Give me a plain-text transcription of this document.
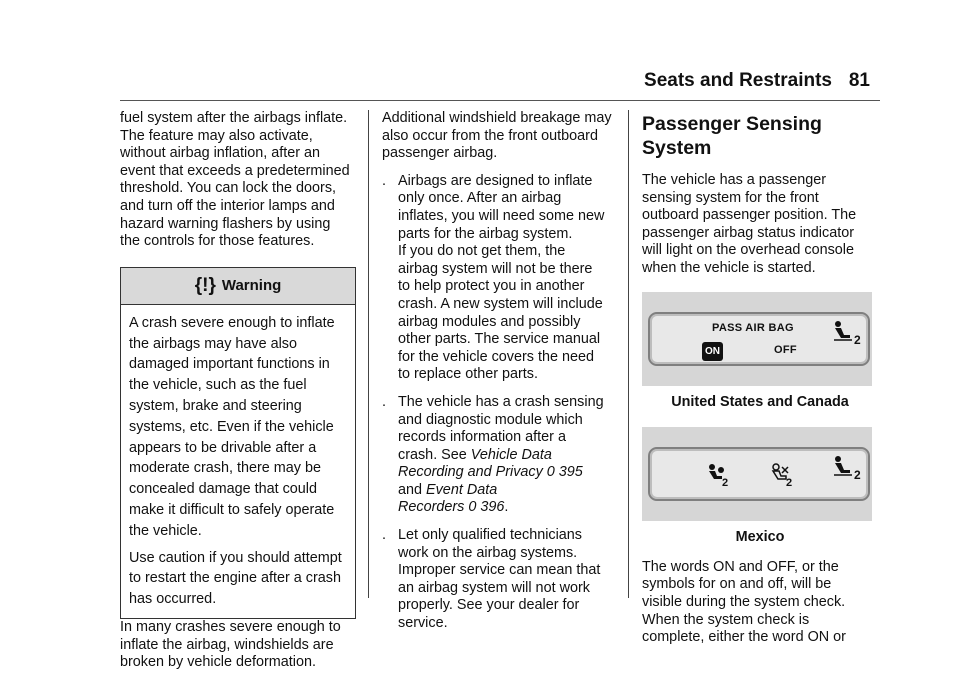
Seats and Restraints 81

fuel system after the airbags inflate.
The feature may also activate,
without airbag inflation, after an
event that exceeds a predetermined
threshold. You can lock the doors,
and turn off the interior lamps and
hazard warning flashers by using
the controls for those features.

{!} Warning

A crash severe enough to inflate
the airbags may have also
damaged important functions in
the vehicle, such as the fuel
system, brake and steering
systems, etc. Even if the vehicle
appears to be drivable after a
moderate crash, there may be
concealed damage that could
make it difficult to safely operate
the vehicle.

Use caution if you should attempt
to restart the engine after a crash
has occurred.

In many crashes severe enough to
inflate the airbag, windshields are
broken by vehicle deformation.

Additional windshield breakage may
also occur from the front outboard
passenger airbag.

. Airbags are designed to inflate
only once. After an airbag
inflates, you will need some new
parts for the airbag system.
If you do not get them, the
airbag system will not be there
to help protect you in another
crash. A new system will include
airbag modules and possibly
other parts. The service manual
for the vehicle covers the need
to replace other parts.

. The vehicle has a crash sensing
and diagnostic module which
records information after a
crash. See Vehicle Data
Recording and Privacy 0 395
and Event Data
Recorders 0 396.

. Let only qualified technicians
work on the airbag systems.
Improper service can mean that
an airbag system will not work
properly. See your dealer for
service.

Passenger Sensing
System

The vehicle has a passenger
sensing system for the front
outboard passenger position. The
passenger airbag status indicator
will light on the overhead console
when the vehicle is started.

PASS AIR BAG
ON	OFF
2
United States and Canada
2	2
2
Mexico

The words ON and OFF, or the
symbols for on and off, will be
visible during the system check.
When the system check is
complete, either the word ON or
